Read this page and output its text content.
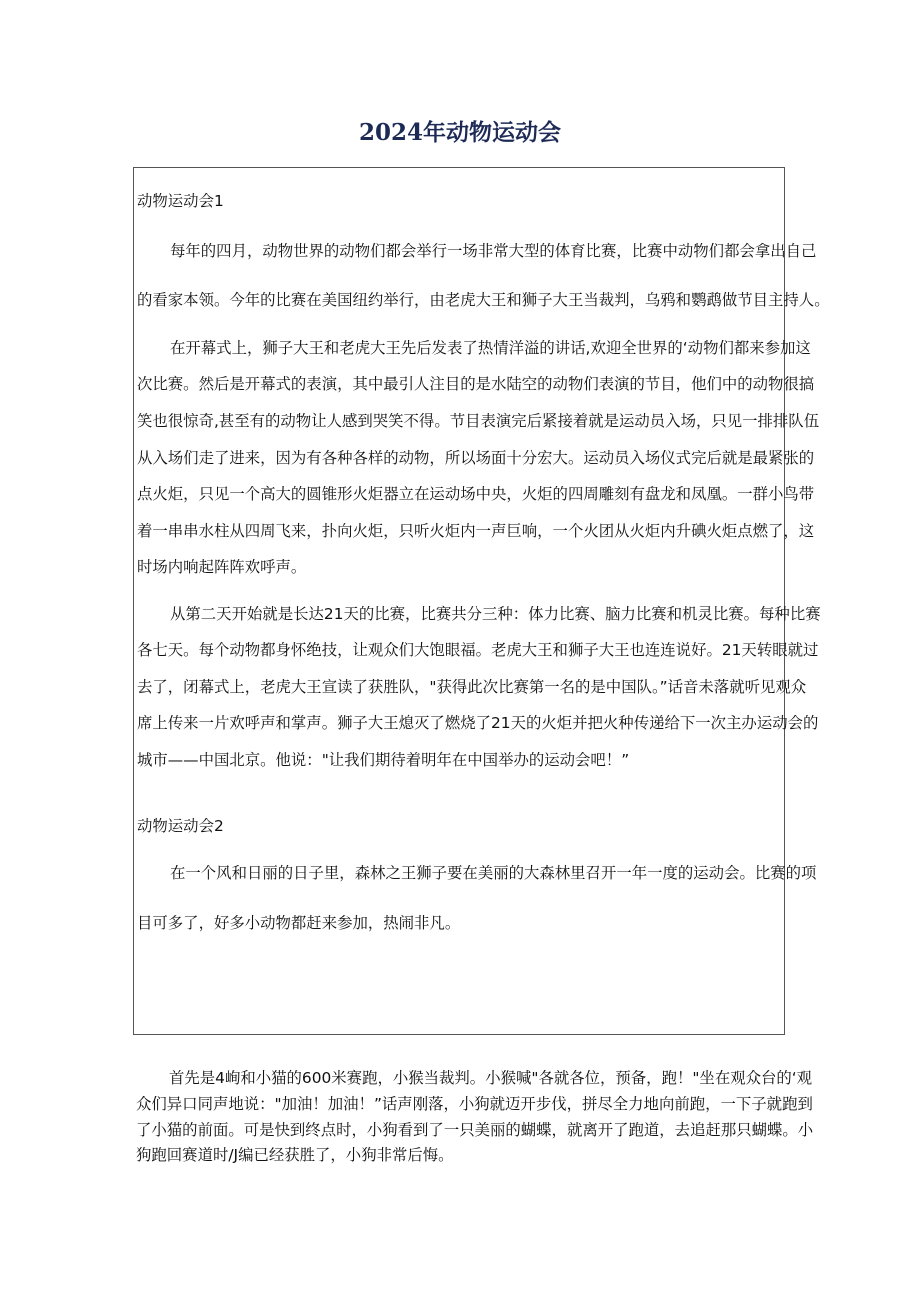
2024年动物运动会
动物运动会1
每年的四月，动物世界的动物们都会举行一场非常大型的体育比赛，比赛中动物们都会拿出自己
的看家本领。今年的比赛在美国纽约举行，由老虎大王和狮子大王当裁判，乌鸦和鹦鹉做节目主持人。
在开幕式上，狮子大王和老虎大王先后发表了热情洋溢的讲话,欢迎全世界的‘动物们都来参加这
次比赛。然后是开幕式的表演，其中最引人注目的是水陆空的动物们表演的节目，他们中的动物很搞
笑也很惊奇,甚至有的动物让人感到哭笑不得。节目表演完后紧接着就是运动员入场，只见一排排队伍
从入场们走了进来，因为有各种各样的动物，所以场面十分宏大。运动员入场仪式完后就是最紧张的
点火炬，只见一个高大的圆锥形火炬器立在运动场中央，火炬的四周雕刻有盘龙和凤凰。一群小鸟带
着一串串水柱从四周飞来，扑向火炬，只听火炬内一声巨响，一个火团从火炬内升碘火炬点燃了，这
时场内响起阵阵欢呼声。
从第二天开始就是长达21天的比赛，比赛共分三种：体力比赛、脑力比赛和机灵比赛。每种比赛
各七天。每个动物都身怀绝技，让观众们大饱眼福。老虎大王和狮子大王也连连说好。21天转眼就过
去了，闭幕式上，老虎大王宣读了获胜队，"获得此次比赛第一名的是中国队。”话音未落就听见观众
席上传来一片欢呼声和掌声。狮子大王熄灭了燃烧了21天的火炬并把火种传递给下一次主办运动会的
城市——中国北京。他说："让我们期待着明年在中国举办的运动会吧！”
动物运动会2
在一个风和日丽的日子里，森林之王狮子要在美丽的大森林里召开一年一度的运动会。比赛的项
目可多了，好多小动物都赶来参加，热闹非凡。
首先是4峋和小猫的600米赛跑，小猴当裁判。小猴喊"各就各位，预备，跑！"坐在观众台的‘观
众们异口同声地说："加油！加油！”话声刚落，小狗就迈开步伐，拼尽全力地向前跑，一下子就跑到
了小猫的前面。可是快到终点时，小狗看到了一只美丽的蝴蝶，就离开了跑道，去追赶那只蝴蝶。小
狗跑回赛道时/J编已经获胜了，小狗非常后悔。
